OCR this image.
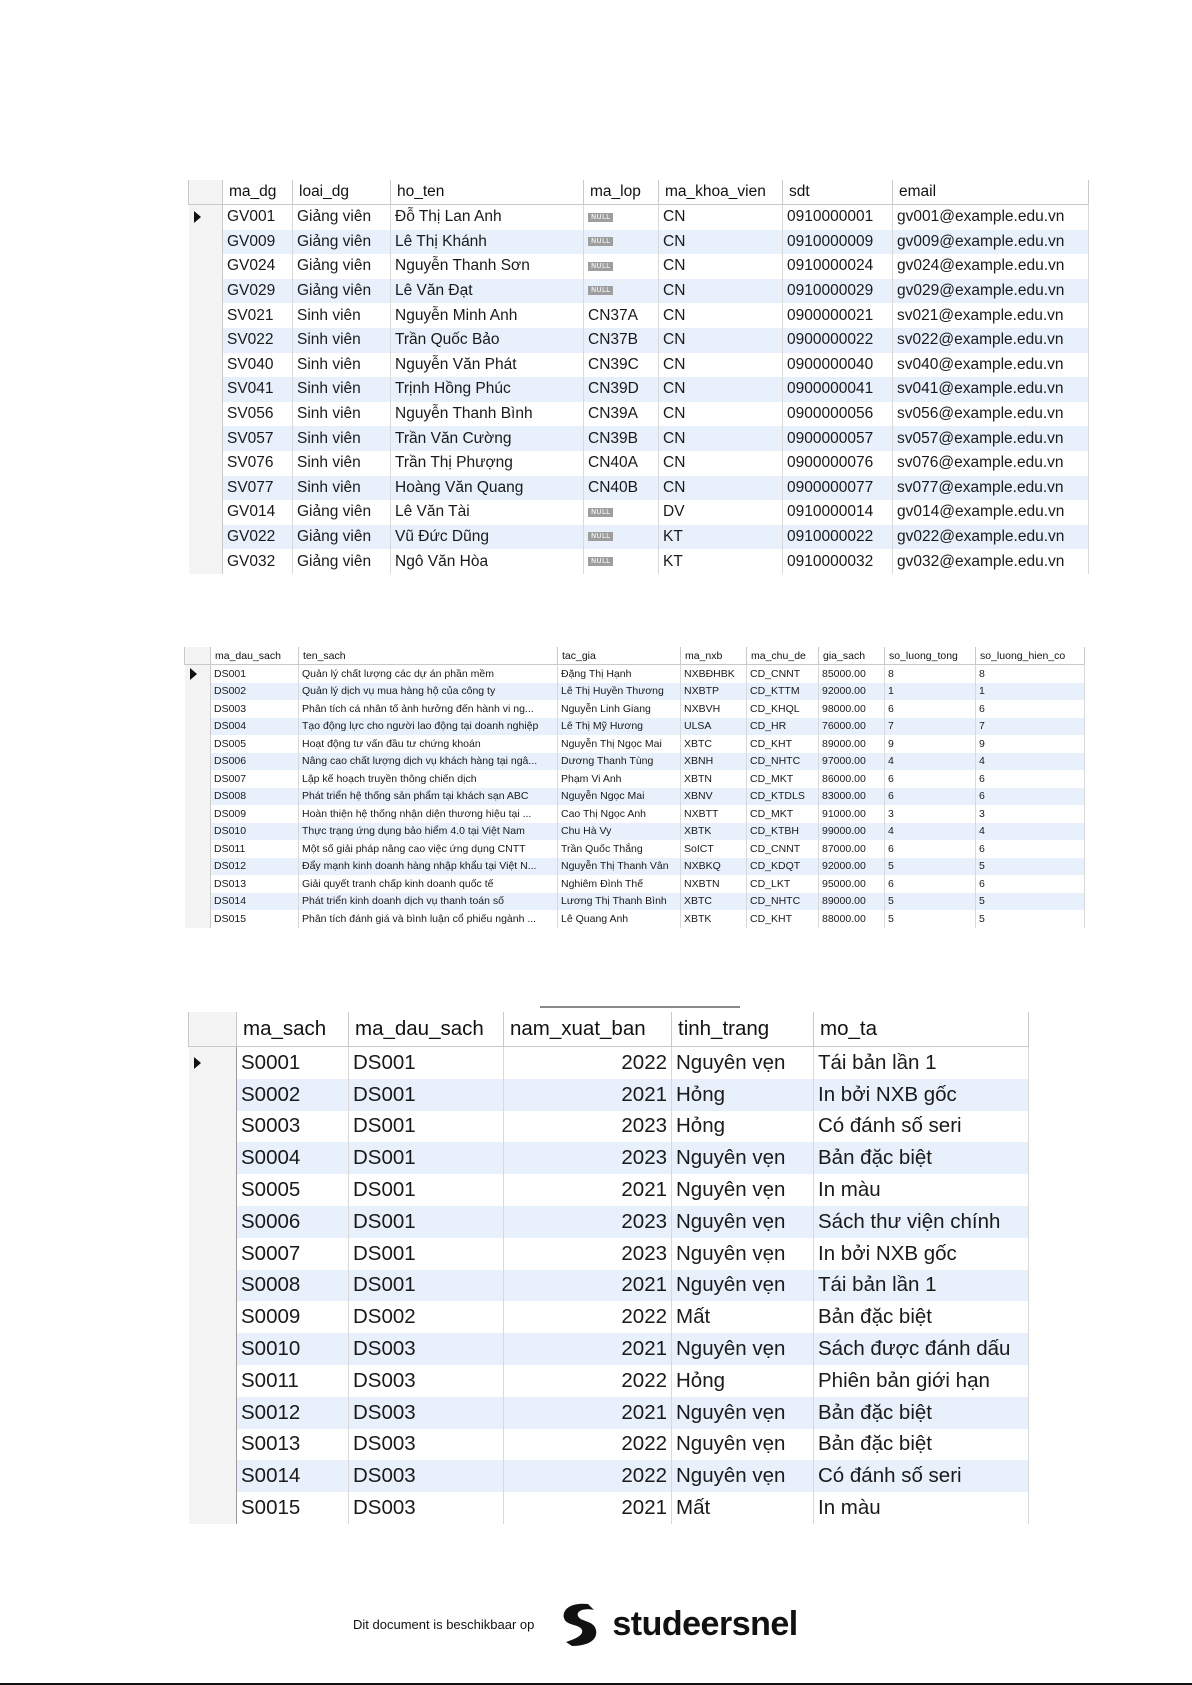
	ma_dg	loai_dg	ho_ten	ma_lop	ma_khoa_vien	sdt	email

	GV001	Giảng viên	Đỗ Thị Lan Anh	NULL	CN	0910000001	gv001@example.edu.vn
	GV009	Giảng viên	Lê Thị Khánh	NULL	CN	0910000009	gv009@example.edu.vn
	GV024	Giảng viên	Nguyễn Thanh Sơn	NULL	CN	0910000024	gv024@example.edu.vn
	GV029	Giảng viên	Lê Văn Đạt	NULL	CN	0910000029	gv029@example.edu.vn
	SV021	Sinh viên	Nguyễn Minh Anh	CN37A	CN	0900000021	sv021@example.edu.vn
	SV022	Sinh viên	Trần Quốc Bảo	CN37B	CN	0900000022	sv022@example.edu.vn
	SV040	Sinh viên	Nguyễn Văn Phát	CN39C	CN	0900000040	sv040@example.edu.vn
	SV041	Sinh viên	Trịnh Hồng Phúc	CN39D	CN	0900000041	sv041@example.edu.vn
	SV056	Sinh viên	Nguyễn Thanh Bình	CN39A	CN	0900000056	sv056@example.edu.vn
	SV057	Sinh viên	Trần Văn Cường	CN39B	CN	0900000057	sv057@example.edu.vn
	SV076	Sinh viên	Trần Thị Phượng	CN40A	CN	0900000076	sv076@example.edu.vn
	SV077	Sinh viên	Hoàng Văn Quang	CN40B	CN	0900000077	sv077@example.edu.vn
	GV014	Giảng viên	Lê Văn Tài	NULL	DV	0910000014	gv014@example.edu.vn
	GV022	Giảng viên	Vũ Đức Dũng	NULL	KT	0910000022	gv022@example.edu.vn
	GV032	Giảng viên	Ngô Văn Hòa	NULL	KT	0910000032	gv032@example.edu.vn
	ma_dau_sach	ten_sach	tac_gia	ma_nxb	ma_chu_de	gia_sach	so_luong_tong	so_luong_hien_co

	DS001	Quản lý chất lượng các dự án phần mềm	Đặng Thị Hạnh	NXBĐHBK	CD_CNNT	85000.00	8	8
	DS002	Quản lý dịch vụ mua hàng hộ của công ty	Lê Thị Huyền Thương	NXBTP	CD_KTTM	92000.00	1	1
	DS003	Phân tích cá nhân tố ảnh hưởng đến hành vi ng...	Nguyễn Linh Giang	NXBVH	CD_KHQL	98000.00	6	6
	DS004	Tạo động lực cho người lao động tại doanh nghiệp	Lê Thị Mỹ Hương	ULSA	CD_HR	76000.00	7	7
	DS005	Hoạt động tư vấn đầu tư chứng khoán	Nguyễn Thị Ngọc Mai	XBTC	CD_KHT	89000.00	9	9
	DS006	Nâng cao chất lượng dịch vụ khách hàng tại ngâ...	Dương Thanh Tùng	XBNH	CD_NHTC	97000.00	4	4
	DS007	Lập kế hoạch truyền thông chiến dịch	Phạm Vi Anh	XBTN	CD_MKT	86000.00	6	6
	DS008	Phát triển hệ thống sản phẩm tại khách sạn ABC	Nguyễn Ngọc Mai	XBNV	CD_KTDLS	83000.00	6	6
	DS009	Hoàn thiện hệ thống nhận diện thương hiệu tại ...	Cao Thị Ngọc Anh	NXBTT	CD_MKT	91000.00	3	3
	DS010	Thực trạng ứng dụng bảo hiểm 4.0 tại Việt Nam	Chu Hà Vy	XBTK	CD_KTBH	99000.00	4	4
	DS011	Một số giải pháp nâng cao việc ứng dụng CNTT	Trần Quốc Thắng	SoICT	CD_CNNT	87000.00	6	6
	DS012	Đẩy mạnh kinh doanh hàng nhập khẩu tại Việt N...	Nguyễn Thị Thanh Vân	NXBKQ	CD_KDQT	92000.00	5	5
	DS013	Giải quyết tranh chấp kinh doanh quốc tế	Nghiêm Đình Thế	NXBTN	CD_LKT	95000.00	6	6
	DS014	Phát triển kinh doanh dịch vụ thanh toán số	Lương Thị Thanh Bình	XBTC	CD_NHTC	89000.00	5	5
	DS015	Phân tích đánh giá và bình luận cổ phiếu ngành ...	Lê Quang Anh	XBTK	CD_KHT	88000.00	5	5
	ma_sach	ma_dau_sach	nam_xuat_ban	tinh_trang	mo_ta

	S0001	DS001	2022	Nguyên vẹn	Tái bản lần 1
	S0002	DS001	2021	Hỏng	In bởi NXB gốc
	S0003	DS001	2023	Hỏng	Có đánh số seri
	S0004	DS001	2023	Nguyên vẹn	Bản đặc biệt
	S0005	DS001	2021	Nguyên vẹn	In màu
	S0006	DS001	2023	Nguyên vẹn	Sách thư viện chính
	S0007	DS001	2023	Nguyên vẹn	In bởi NXB gốc
	S0008	DS001	2021	Nguyên vẹn	Tái bản lần 1
	S0009	DS002	2022	Mất	Bản đặc biệt
	S0010	DS003	2021	Nguyên vẹn	Sách được đánh dấu
	S0011	DS003	2022	Hỏng	Phiên bản giới hạn
	S0012	DS003	2021	Nguyên vẹn	Bản đặc biệt
	S0013	DS003	2022	Nguyên vẹn	Bản đặc biệt
	S0014	DS003	2022	Nguyên vẹn	Có đánh số seri
	S0015	DS003	2021	Mất	In màu
Dit document is beschikbaar op studeersnel
